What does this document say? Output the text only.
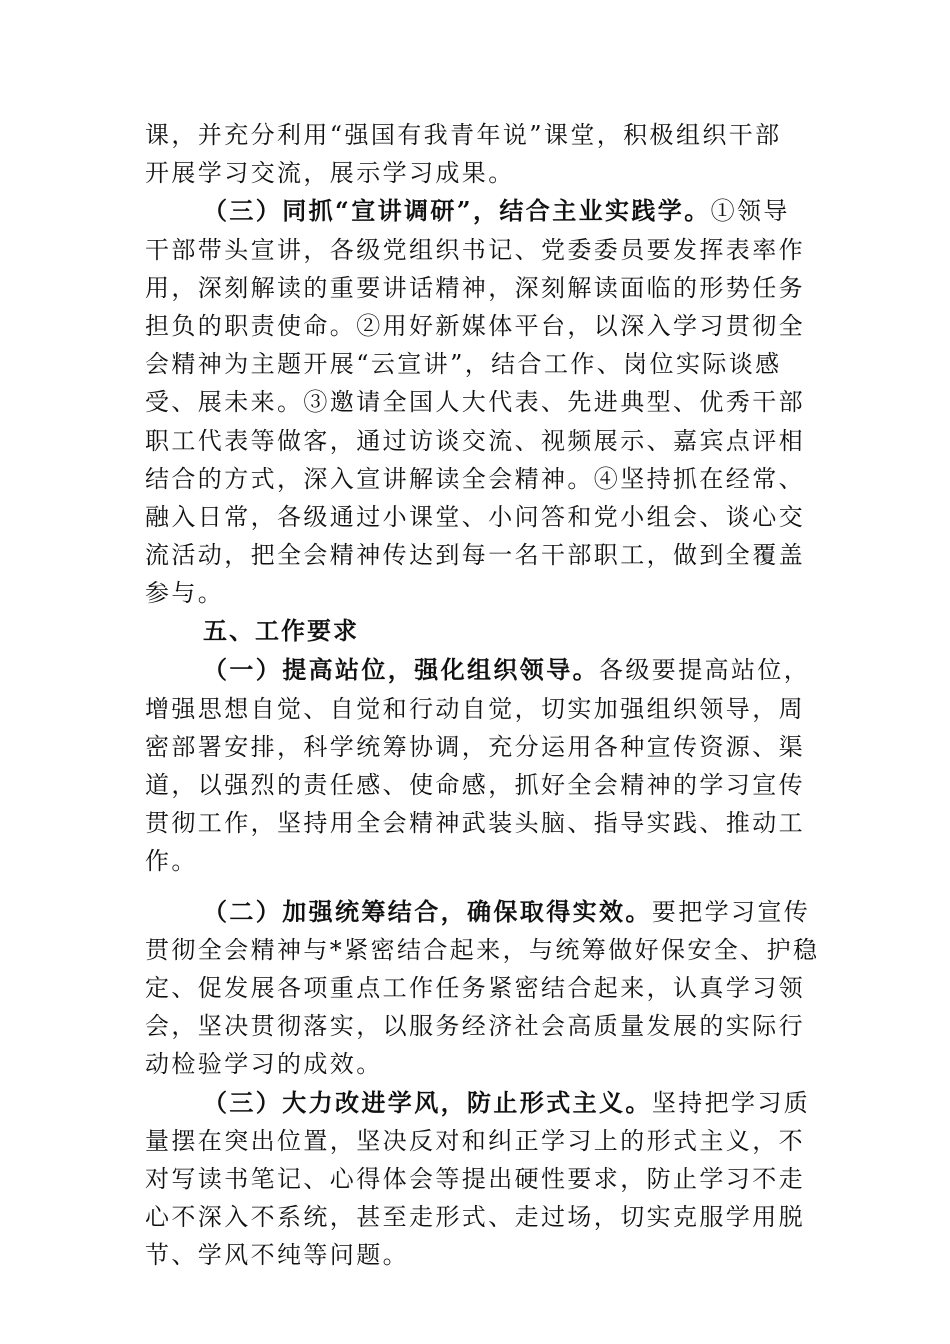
课，并充分利用“强国有我青年说”课堂，积极组织干部
开展学习交流，展示学习成果。
（三）同抓“宣讲调研”，结合主业实践学。①领导
干部带头宣讲，各级党组织书记、党委委员要发挥表率作
用，深刻解读的重要讲话精神，深刻解读面临的形势任务
担负的职责使命。②用好新媒体平台，以深入学习贯彻全
会精神为主题开展“云宣讲”，结合工作、岗位实际谈感
受、展未来。③邀请全国人大代表、先进典型、优秀干部
职工代表等做客，通过访谈交流、视频展示、嘉宾点评相
结合的方式，深入宣讲解读全会精神。④坚持抓在经常、
融入日常，各级通过小课堂、小问答和党小组会、谈心交
流活动，把全会精神传达到每一名干部职工，做到全覆盖
参与。
五、工作要求
（一）提高站位，强化组织领导。各级要提高站位，
增强思想自觉、自觉和行动自觉，切实加强组织领导，周
密部署安排，科学统筹协调，充分运用各种宣传资源、渠
道，以强烈的责任感、使命感，抓好全会精神的学习宣传
贯彻工作，坚持用全会精神武装头脑、指导实践、推动工
作。
（二）加强统筹结合，确保取得实效。要把学习宣传
贯彻全会精神与*紧密结合起来，与统筹做好保安全、护稳
定、促发展各项重点工作任务紧密结合起来，认真学习领
会，坚决贯彻落实，以服务经济社会高质量发展的实际行
动检验学习的成效。
（三）大力改进学风，防止形式主义。坚持把学习质
量摆在突出位置，坚决反对和纠正学习上的形式主义，不
对写读书笔记、心得体会等提出硬性要求，防止学习不走
心不深入不系统，甚至走形式、走过场，切实克服学用脱
节、学风不纯等问题。
